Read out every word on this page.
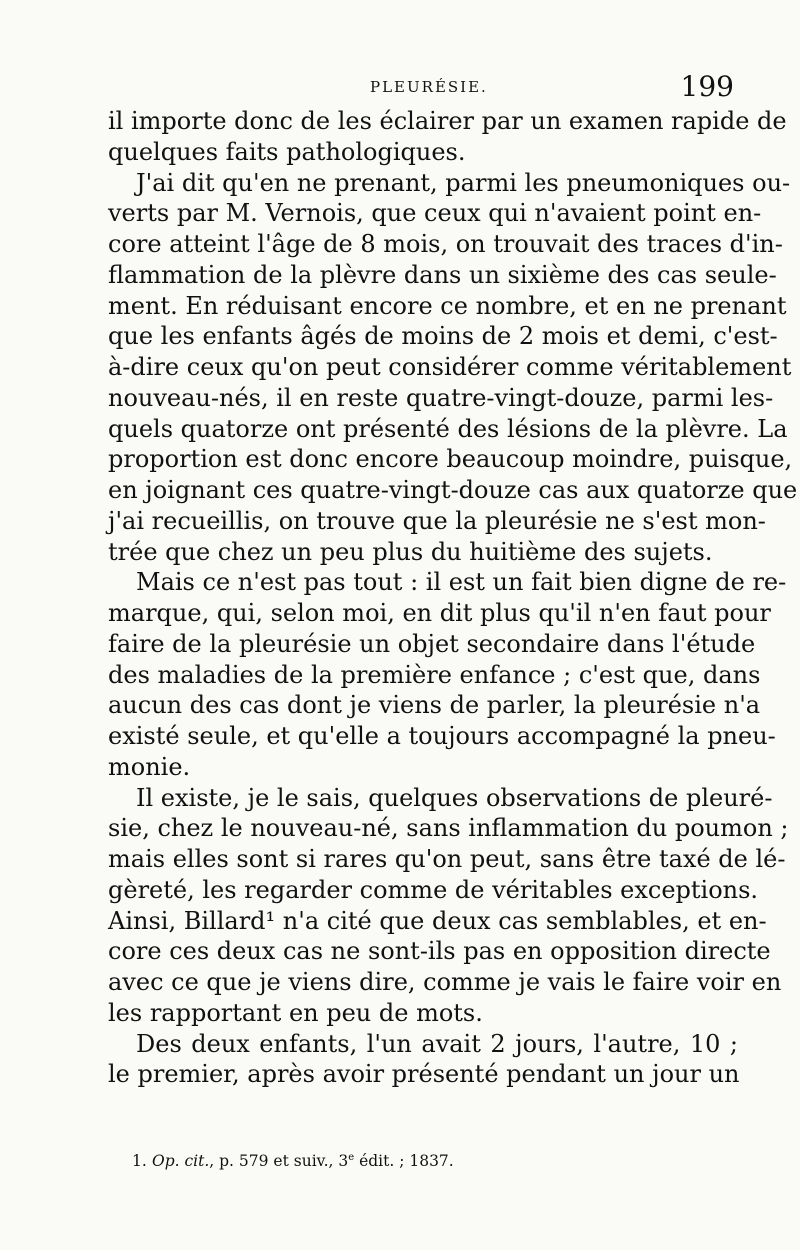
PLEURÉSIE.	199
il importe donc de les éclairer par un examen rapide de
quelques faits pathologiques.
J'ai dit qu'en ne prenant, parmi les pneumoniques ou-
verts par M. Vernois, que ceux qui n'avaient point en-
core atteint l'âge de 8 mois, on trouvait des traces d'in-
flammation de la plèvre dans un sixième des cas seule-
ment. En réduisant encore ce nombre, et en ne prenant
que les enfants âgés de moins de 2 mois et demi, c'est-
à-dire ceux qu'on peut considérer comme véritablement
nouveau-nés, il en reste quatre-vingt-douze, parmi les-
quels quatorze ont présenté des lésions de la plèvre. La
proportion est donc encore beaucoup moindre, puisque,
en joignant ces quatre-vingt-douze cas aux quatorze que
j'ai recueillis, on trouve que la pleurésie ne s'est mon-
trée que chez un peu plus du huitième des sujets.
Mais ce n'est pas tout : il est un fait bien digne de re-
marque, qui, selon moi, en dit plus qu'il n'en faut pour
faire de la pleurésie un objet secondaire dans l'étude
des maladies de la première enfance ; c'est que, dans
aucun des cas dont je viens de parler, la pleurésie n'a
existé seule, et qu'elle a toujours accompagné la pneu-
monie.
Il existe, je le sais, quelques observations de pleuré-
sie, chez le nouveau-né, sans inflammation du poumon ;
mais elles sont si rares qu'on peut, sans être taxé de lé-
gèreté, les regarder comme de véritables exceptions.
Ainsi, Billard¹ n'a cité que deux cas semblables, et en-
core ces deux cas ne sont-ils pas en opposition directe
avec ce que je viens dire, comme je vais le faire voir en
les rapportant en peu de mots.
Des deux enfants, l'un avait 2 jours, l'autre, 10 ;
le premier, après avoir présenté pendant un jour un
1. Op. cit., p. 579 et suiv., 3e édit. ; 1837.
